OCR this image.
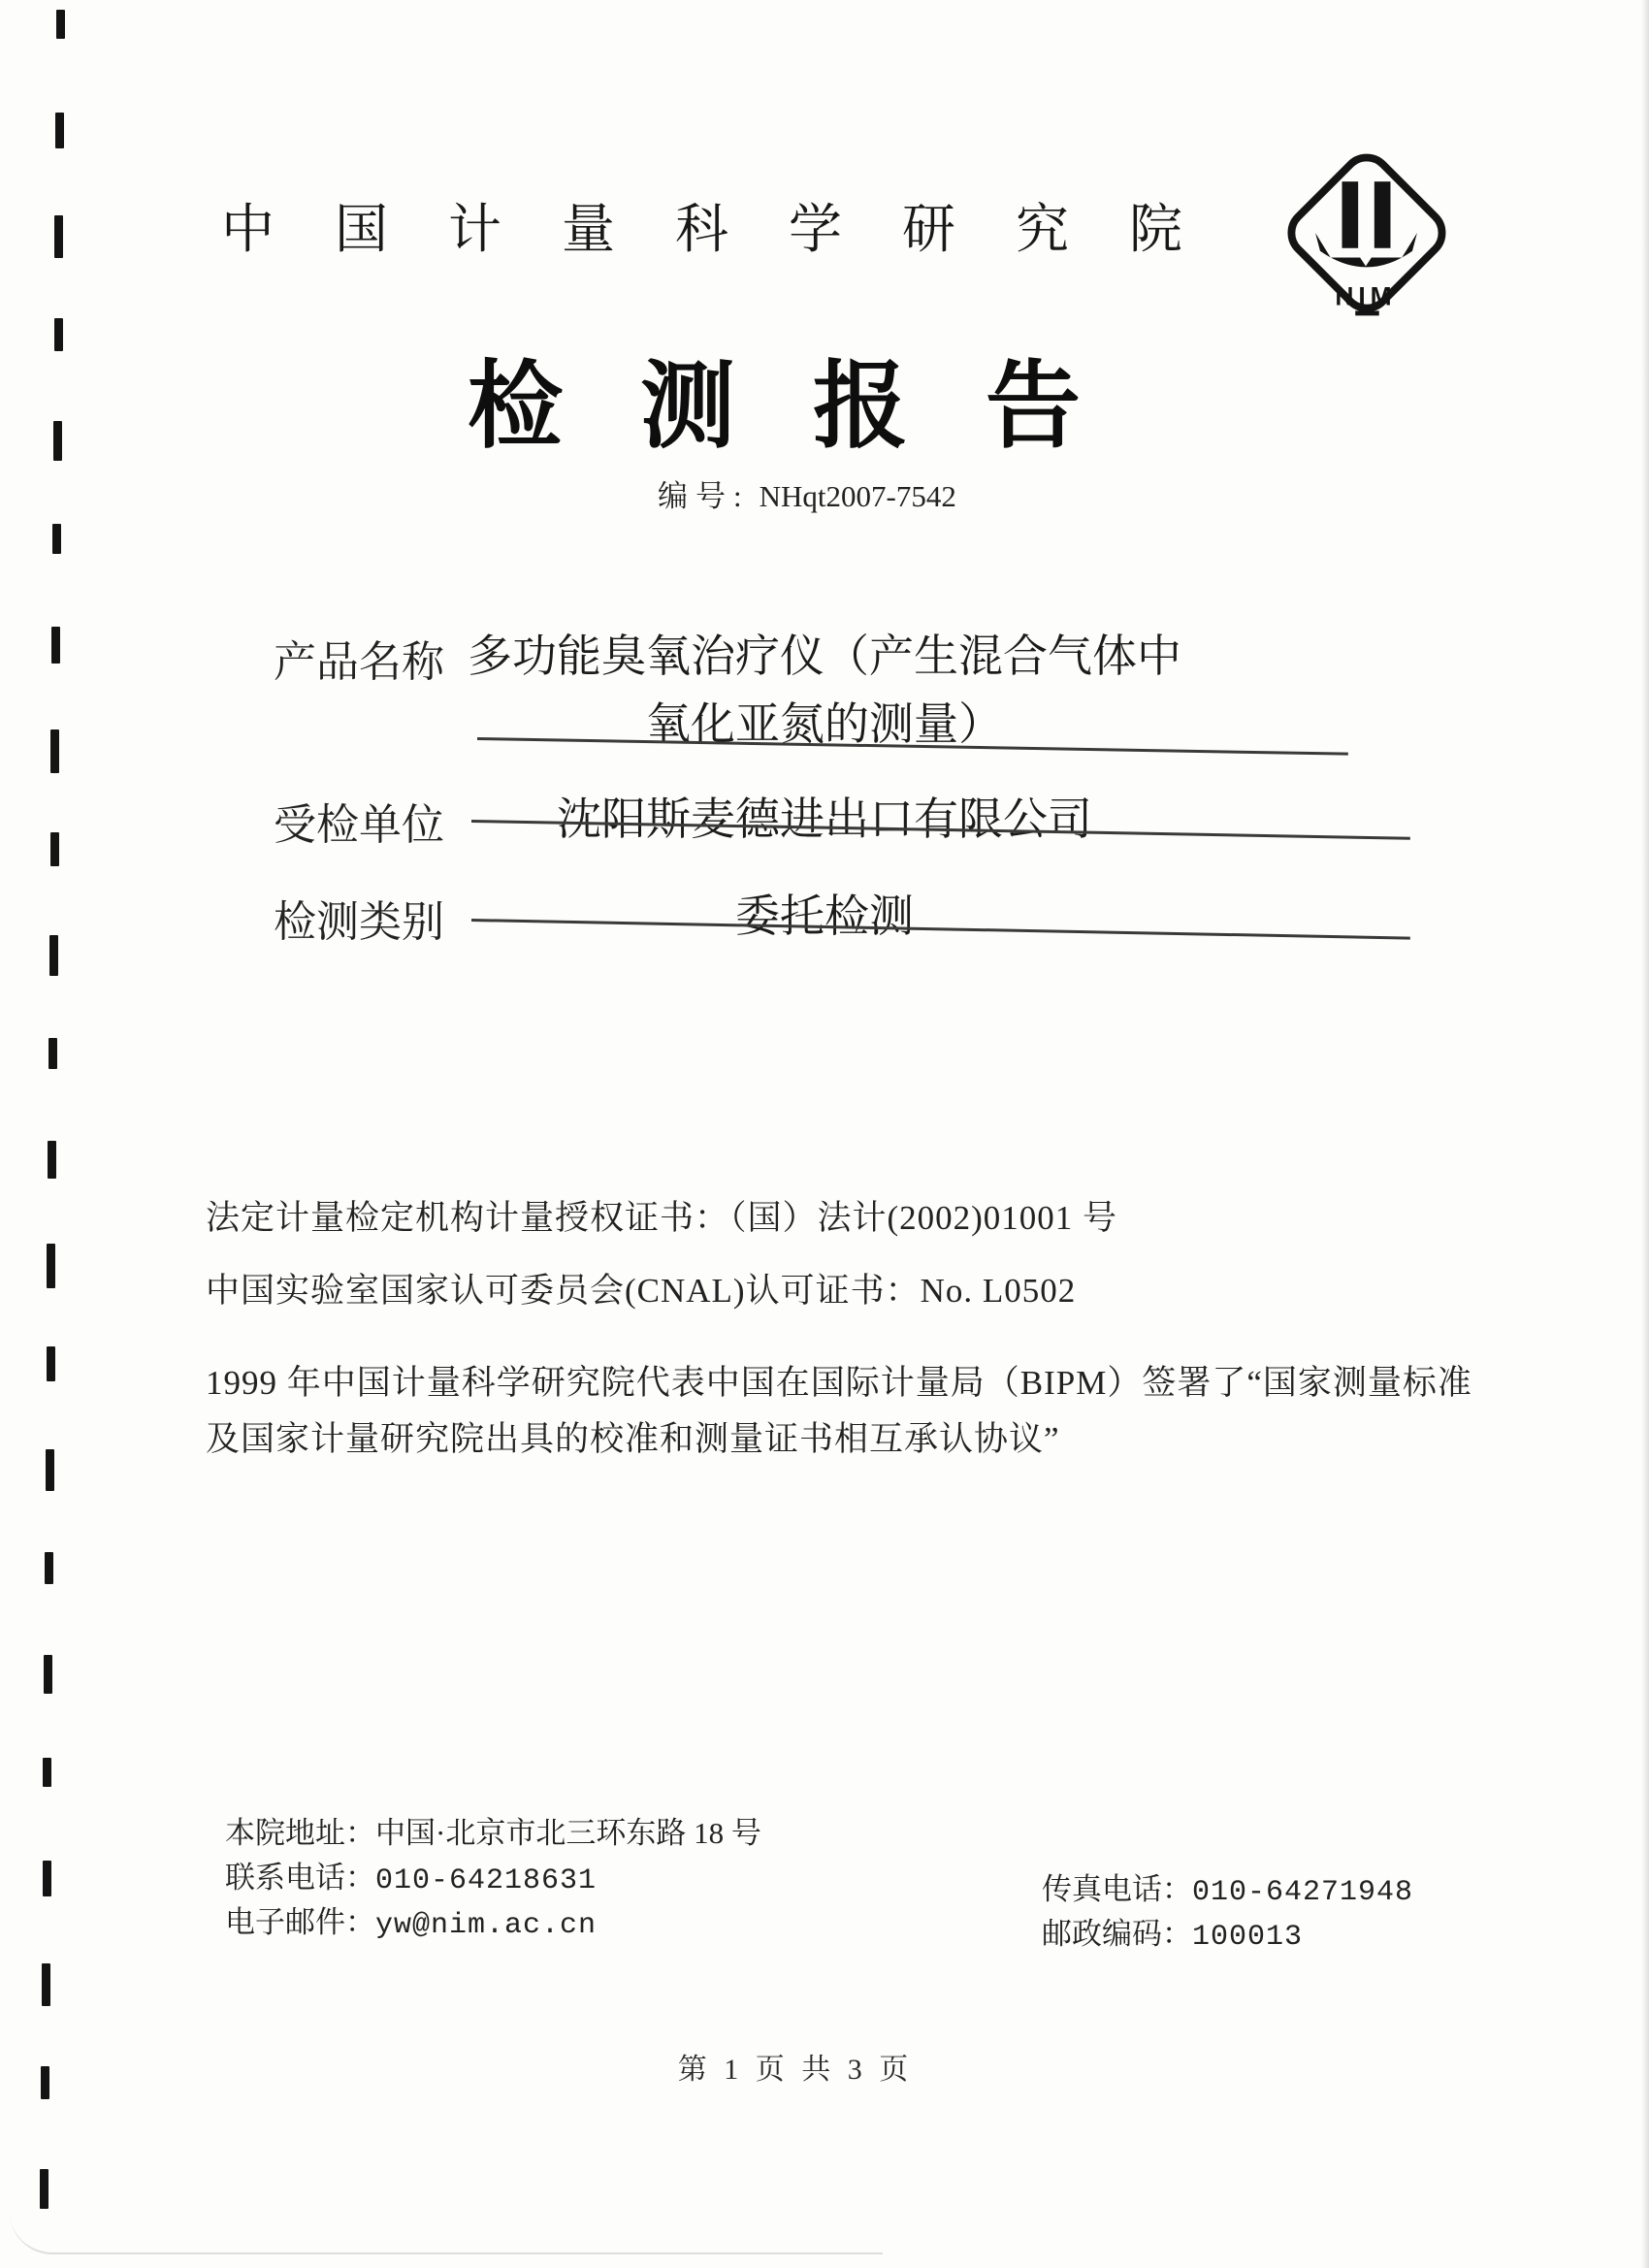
中国计量科学研究院
NIM
检测报告
编号: NHqt2007-7542
产品名称 多功能臭氧治疗仪（产生混合气体中
氧化亚氮的测量）
受检单位	沈阳斯麦德进出口有限公司
检测类别	委托检测
法定计量检定机构计量授权证书：（国）法计(2002)01001 号
中国实验室国家认可委员会(CNAL)认可证书：No. L0502
1999 年中国计量科学研究院代表中国在国际计量局（BIPM）签署了“国家测量标准
及国家计量研究院出具的校准和测量证书相互承认协议”
本院地址：中国·北京市北三环东路 18 号
联系电话：010-64218631
电子邮件：yw@nim.ac.cn
传真电话：010-64271948
邮政编码：100013
第 1 页 共 3 页
